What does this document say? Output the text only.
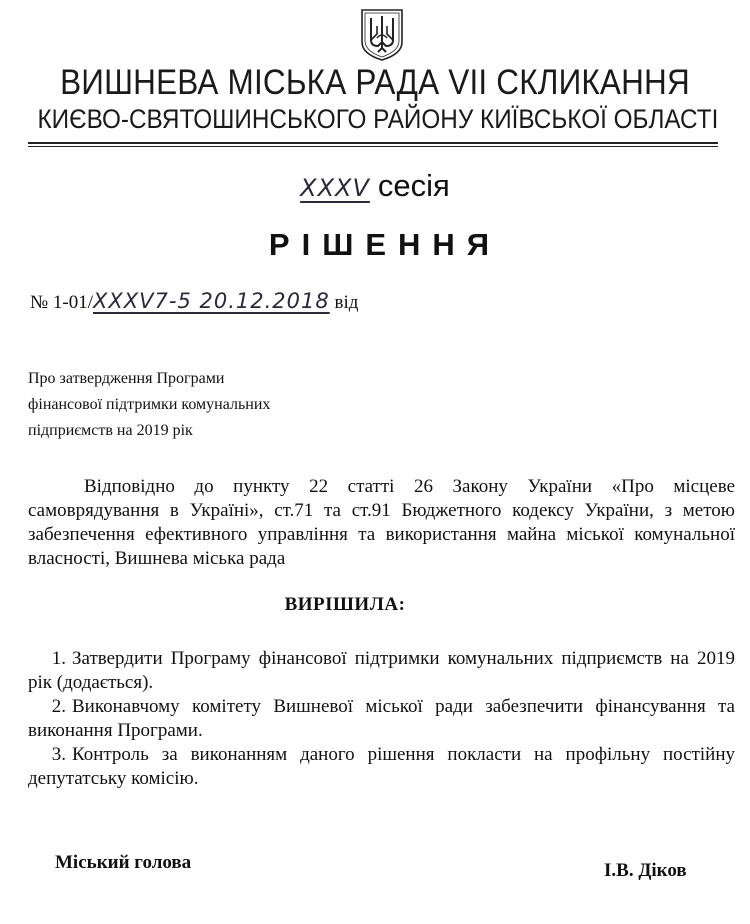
ВИШНЕВА МІСЬКА РАДА VII СКЛИКАННЯ
КИЄВО-СВЯТОШИНСЬКОГО РАЙОНУ КИЇВСЬКОЇ ОБЛАСТІ
XXXV сесія
РІШЕННЯ
№ 1-01/XXXV7-5 20.12.2018 від
Про затвердження Програми
фінансової підтримки комунальних
підприємств на 2019 рік
Відповідно до пункту 22 статті 26 Закону України «Про місцеве самоврядування в Україні», ст.71 та ст.91 Бюджетного кодексу України, з метою забезпечення ефективного управління та використання майна міської комунальної власності, Вишнева міська рада
ВИРІШИЛА:
1. Затвердити Програму фінансової підтримки комунальних підприємств на 2019 рік (додається).
2. Виконавчому комітету Вишневої міської ради забезпечити фінансування та виконання Програми.
3. Контроль за виконанням даного рішення покласти на профільну постійну депутатську комісію.
Міський голова	І.В. Діков
